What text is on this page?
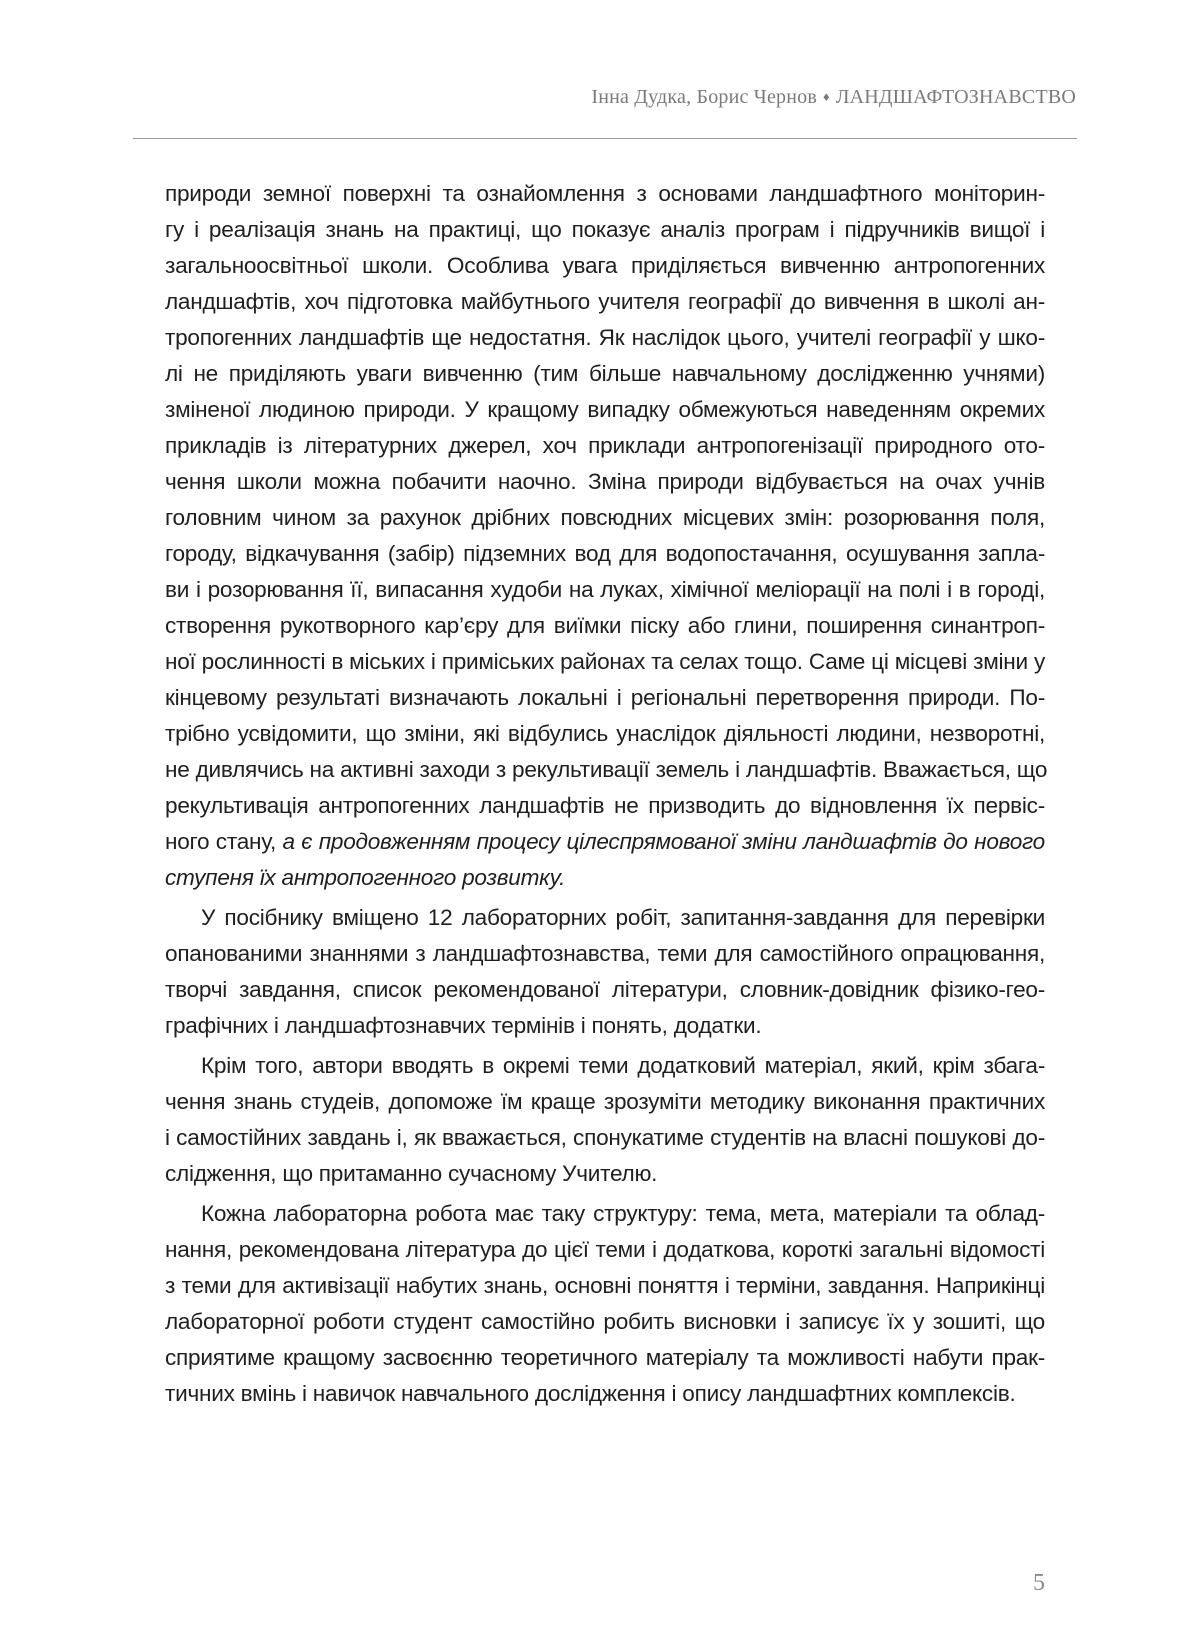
Інна Дудка, Борис Чернов ♦ ЛАНДШАФТОЗНАВСТВО

природи земної поверхні та ознайомлення з основами ландшафтного моніторин-
гу і реалізація знань на практиці, що показує аналіз програм і підручників вищої і
загальноосвітньої школи. Особлива увага приділяється вивченню антропогенних
ландшафтів, хоч підготовка майбутнього учителя географії до вивчення в школі ан-
тропогенних ландшафтів ще недостатня. Як наслідок цього, учителі географії у шко-
лі не приділяють уваги вивченню (тим більше навчальному дослідженню учнями)
зміненої людиною природи. У кращому випадку обмежуються наведенням окремих
прикладів із літературних джерел, хоч приклади антропогенізації природного ото-
чення школи можна побачити наочно. Зміна природи відбувається на очах учнів
головним чином за рахунок дрібних повсюдних місцевих змін: розорювання поля,
городу, відкачування (забір) підземних вод для водопостачання, осушування запла-
ви і розорювання її, випасання худоби на луках, хімічної меліорації на полі і в городі,
створення рукотворного кар’єру для виїмки піску або глини, поширення синантроп-
ної рослинності в міських і приміських районах та селах тощо. Саме ці місцеві зміни у
кінцевому результаті визначають локальні і регіональні перетворення природи. По-
трібно усвідомити, що зміни, які відбулись унаслідок діяльності людини, незворотні,
не дивлячись на активні заходи з рекультивації земель і ландшафтів. Вважається, що
рекультивація антропогенних ландшафтів не призводить до відновлення їх первіс-
ного стану, а є продовженням процесу цілеспрямованої зміни ландшафтів до нового
ступеня їх антропогенного розвитку.

У посібнику вміщено 12 лабораторних робіт, запитання-завдання для перевірки
опанованими знаннями з ландшафтознавства, теми для самостійного опрацювання,
творчі завдання, список рекомендованої літератури, словник-довідник фізико-гео-
графічних і ландшафтознавчих термінів і понять, додатки.

Крім того, автори вводять в окремі теми додатковий матеріал, який, крім збага-
чення знань студеів, допоможе їм краще зрозуміти методику виконання практичних
і самостійних завдань і, як вважається, спонукатиме студентів на власні пошукові до-
слідження, що притаманно сучасному Учителю.

Кожна лабораторна робота має таку структуру: тема, мета, матеріали та облад-
нання, рекомендована література до цієї теми і додаткова, короткі загальні відомості
з теми для активізації набутих знань, основні поняття і терміни, завдання. Наприкінці
лабораторної роботи студент самостійно робить висновки і записує їх у зошиті, що
сприятиме кращому засвоєнню теоретичного матеріалу та можливості набути прак-
тичних вмінь і навичок навчального дослідження і опису ландшафтних комплексів.

5
